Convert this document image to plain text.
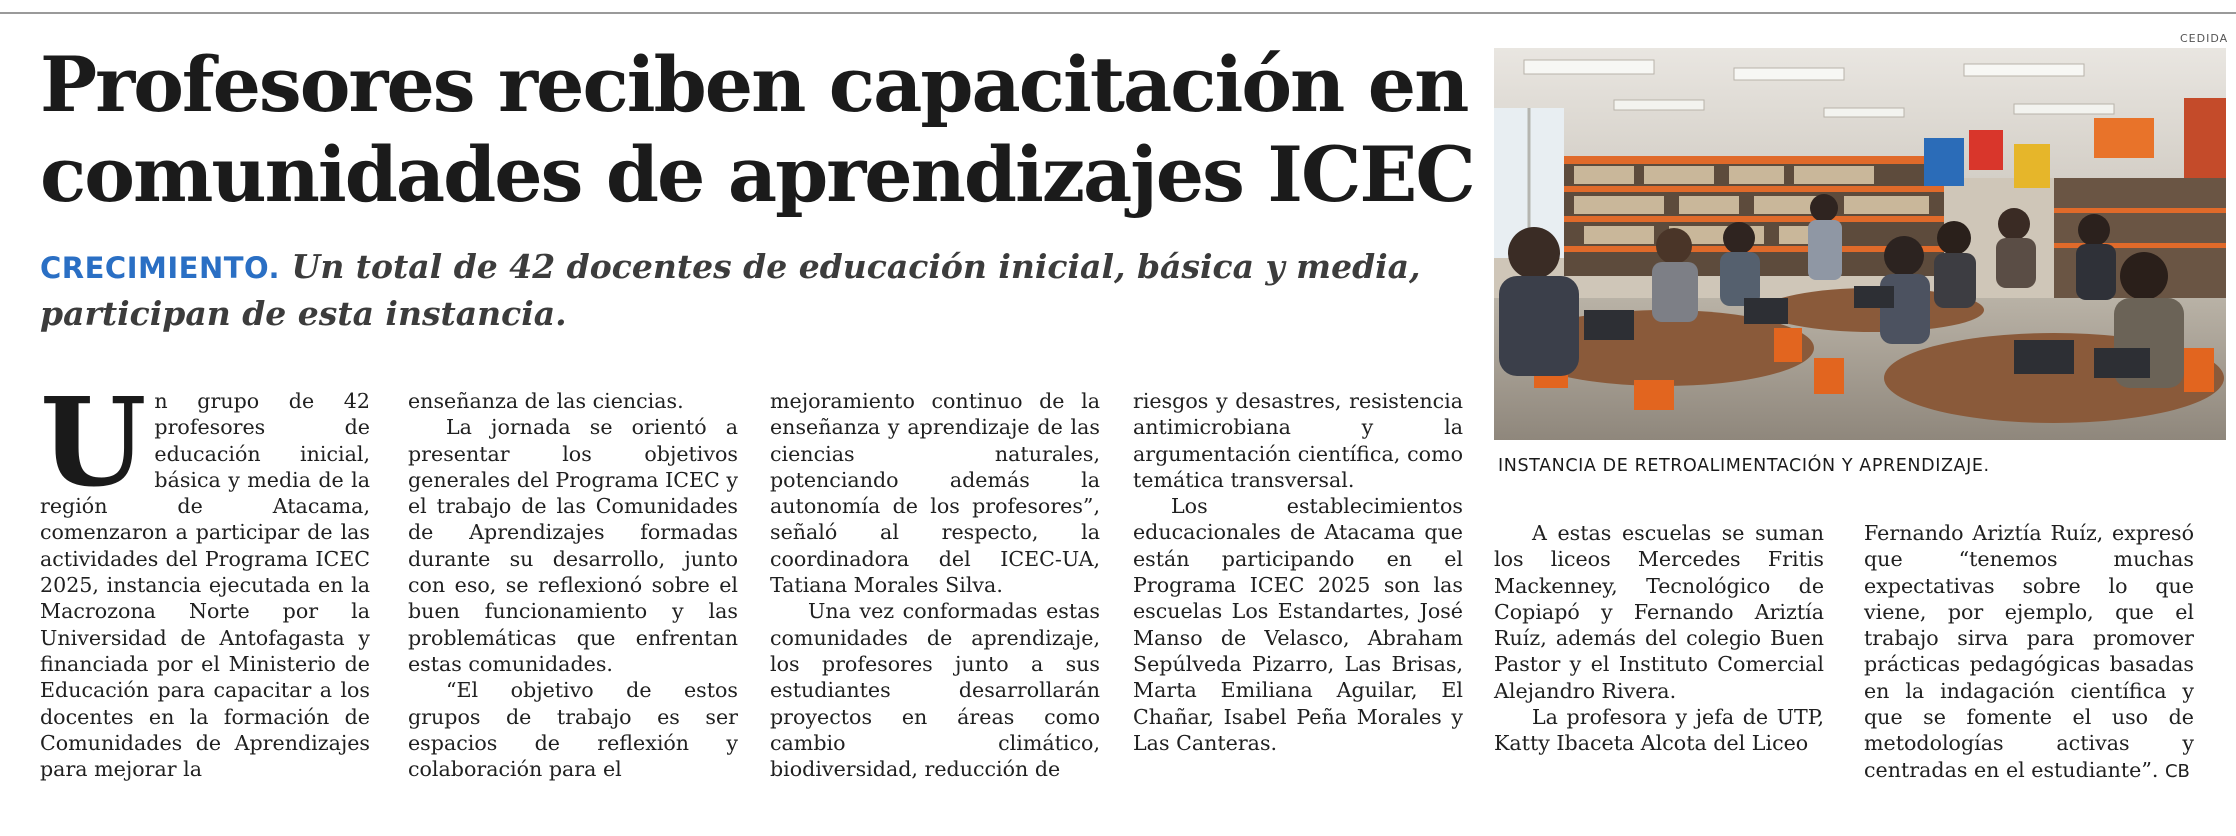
Profesores reciben capacitación en comunidades de aprendizajes ICEC

CRECIMIENTO. Un total de 42 docentes de educación inicial, básica y media, participan de esta instancia.

CEDIDA
INSTANCIA DE RETROALIMENTACIÓN Y APRENDIZAJE.

Un grupo de 42 profesores de educación inicial, básica y media de la región de Atacama, comenzaron a participar de las actividades del Programa ICEC 2025, instancia ejecutada en la Macrozona Norte por la Universidad de Antofagasta y financiada por el Ministerio de Educación para capacitar a los docentes en la formación de Comunidades de Aprendizajes para mejorar la

enseñanza de las ciencias.

La jornada se orientó a presentar los objetivos generales del Programa ICEC y el trabajo de las Comunidades de Aprendizajes formadas durante su desarrollo, junto con eso, se reflexionó sobre el buen funcionamiento y las problemáticas que enfrentan estas comunidades.

“El objetivo de estos grupos de trabajo es ser espacios de reflexión y colaboración para el

mejoramiento continuo de la enseñanza y aprendizaje de las ciencias naturales, potenciando además la autonomía de los profesores”, señaló al respecto, la coordinadora del ICEC-UA, Tatiana Morales Silva.

Una vez conformadas estas comunidades de aprendizaje, los profesores junto a sus estudiantes desarrollarán proyectos en áreas como cambio climático, biodiversidad, reducción de

riesgos y desastres, resistencia antimicrobiana y la argumentación científica, como temática transversal.

Los establecimientos educacionales de Atacama que están participando en el Programa ICEC 2025 son las escuelas Los Estandartes, José Manso de Velasco, Abraham Sepúlveda Pizarro, Las Brisas, Marta Emiliana Aguilar, El Chañar, Isabel Peña Morales y Las Canteras.

A estas escuelas se suman los liceos Mercedes Fritis Mackenney, Tecnológico de Copiapó y Fernando Ariztía Ruíz, además del colegio Buen Pastor y el Instituto Comercial Alejandro Rivera.

La profesora y jefa de UTP, Katty Ibaceta Alcota del Liceo

Fernando Ariztía Ruíz, expresó que “tenemos muchas expectativas sobre lo que viene, por ejemplo, que el trabajo sirva para promover prácticas pedagógicas basadas en la indagación científica y que se fomente el uso de metodologías activas y centradas en el estudiante”. CB
